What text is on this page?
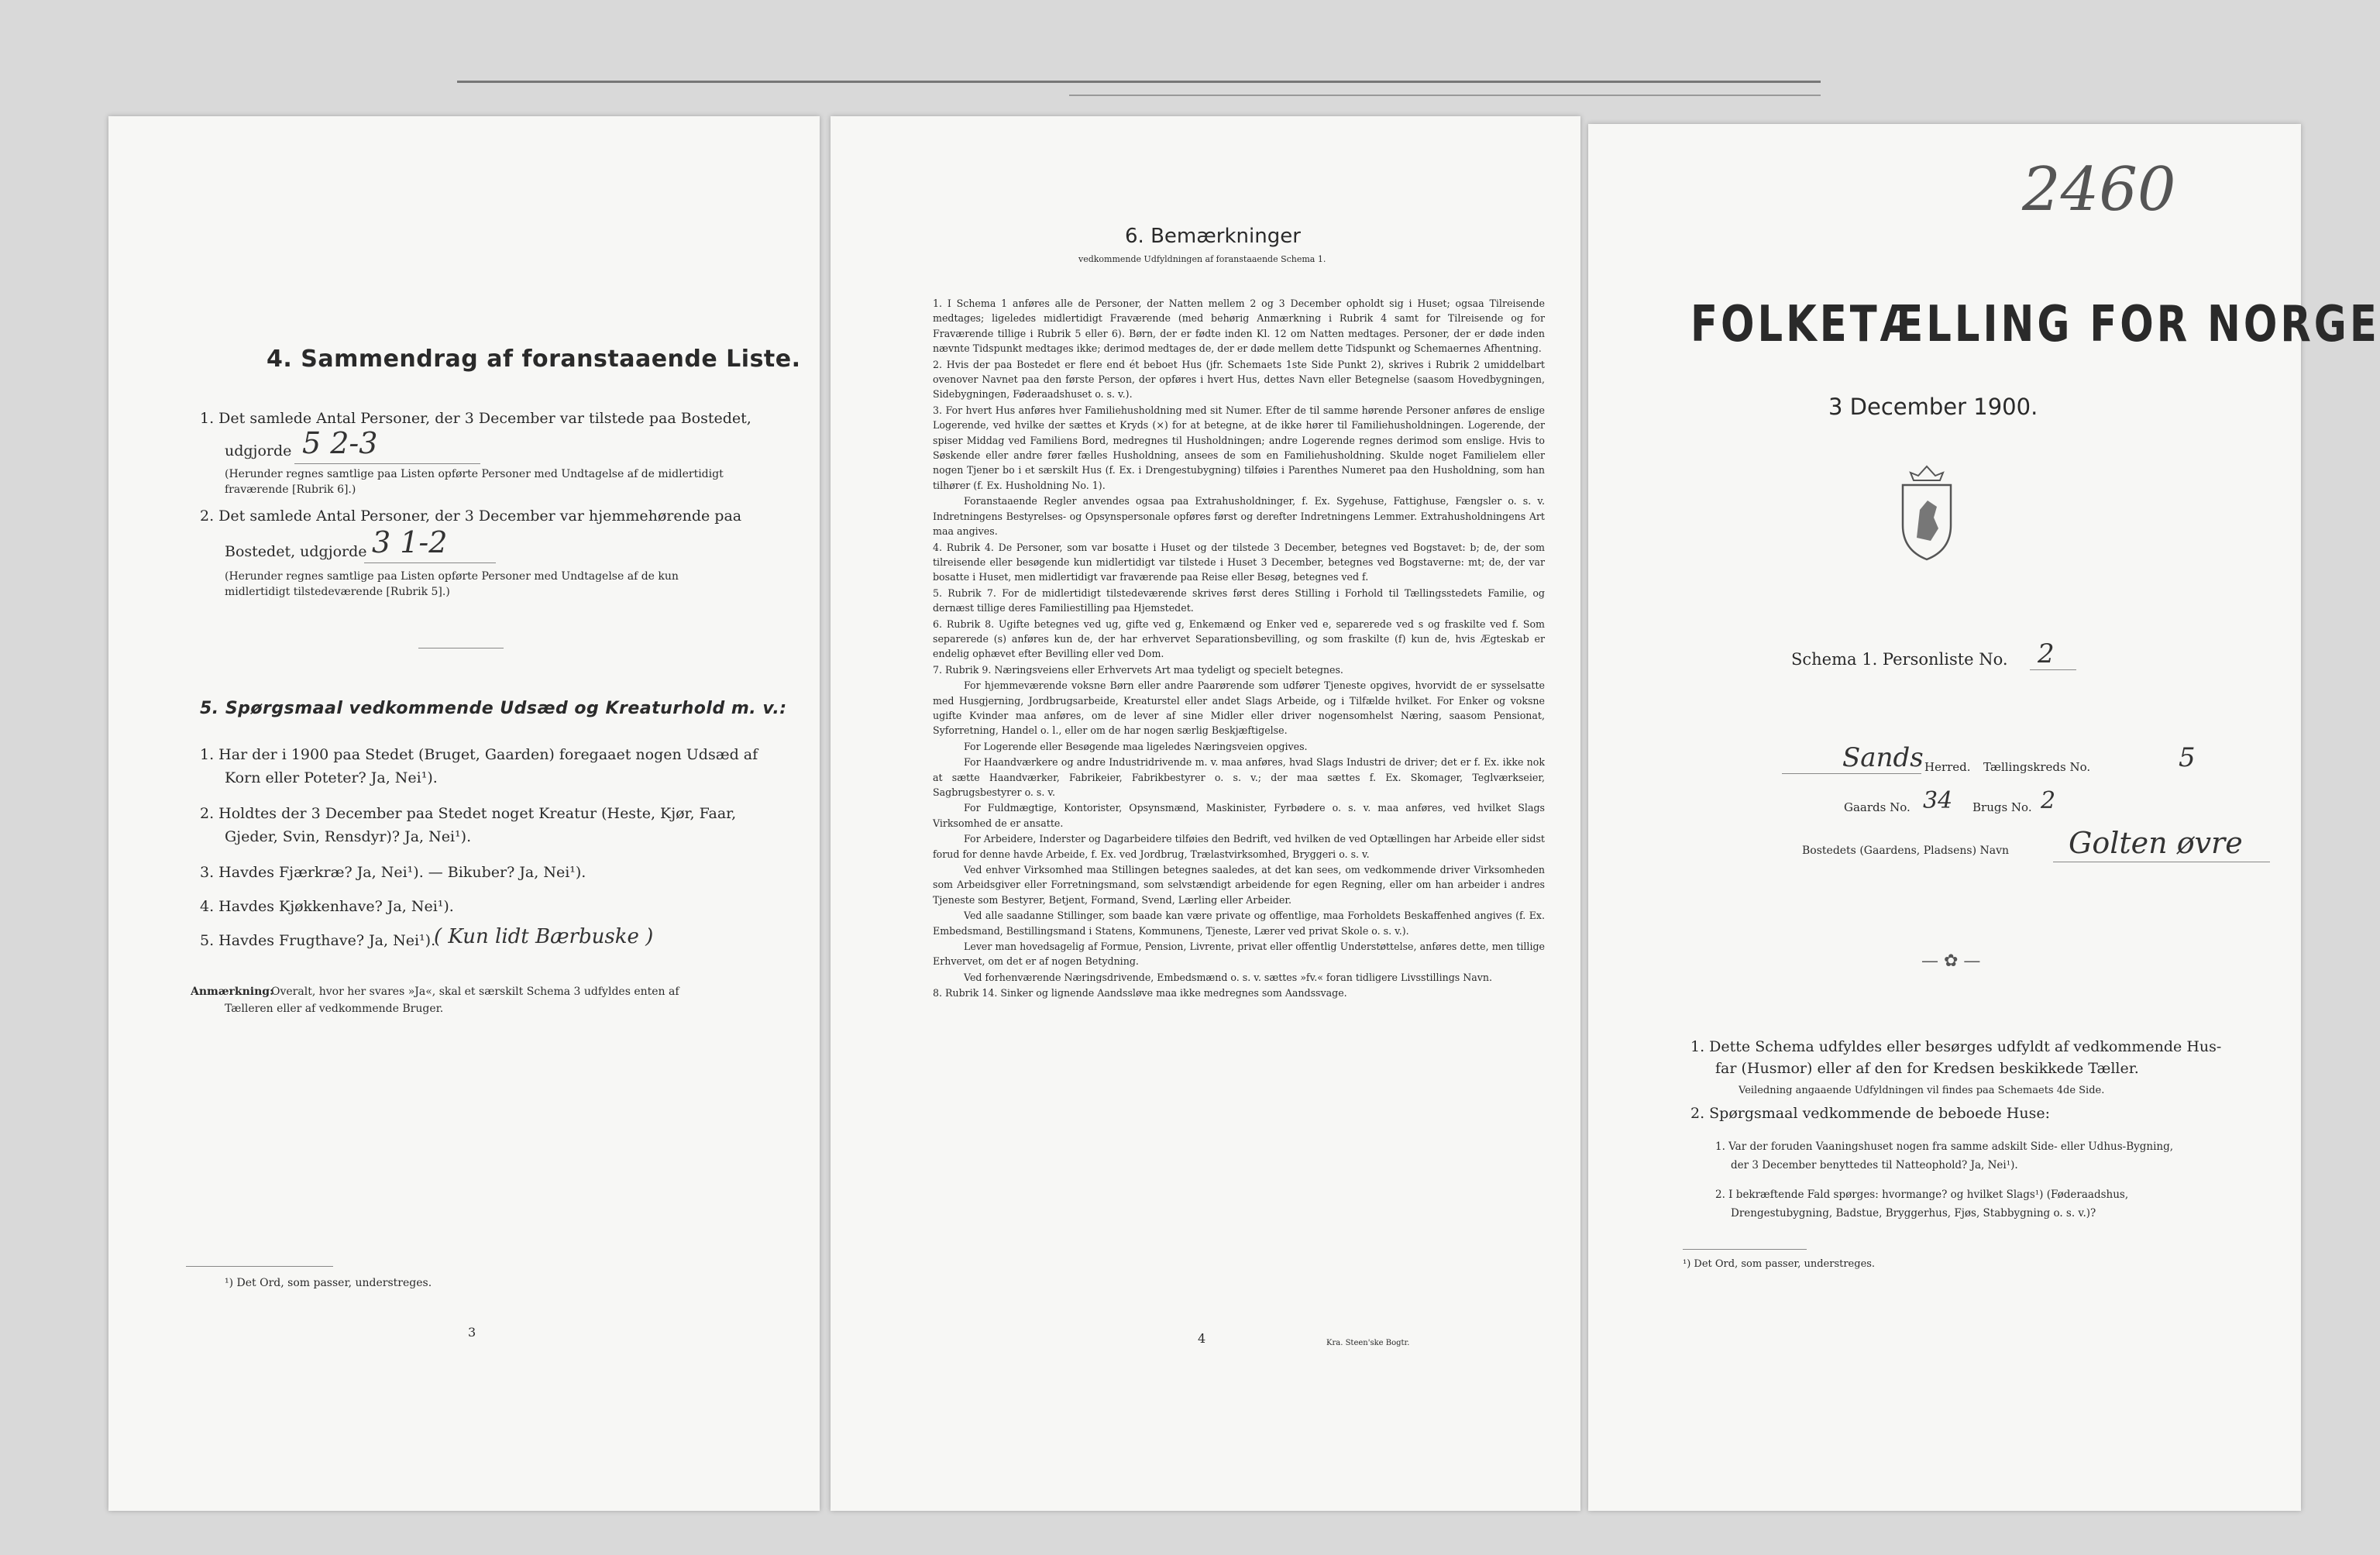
4. Sammendrag af foranstaaende Liste.
1. Det samlede Antal Personer, der 3 December var tilstede paa Bostedet,
udgjorde 5 2-3
(Herunder regnes samtlige paa Listen opførte Personer med Undtagelse af de midlertidigt
fraværende [Rubrik 6].)
2. Det samlede Antal Personer, der 3 December var hjemmehørende paa
Bostedet, udgjorde 3 1-2
(Herunder regnes samtlige paa Listen opførte Personer med Undtagelse af de kun
midlertidigt tilstedeværende [Rubrik 5].)
5. Spørgsmaal vedkommende Udsæd og Kreaturhold m. v.:
1. Har der i 1900 paa Stedet (Bruget, Gaarden) foregaaet nogen Udsæd af
Korn eller Poteter? Ja, Nei¹).
2. Holdtes der 3 December paa Stedet noget Kreatur (Heste, Kjør, Faar,
Gjeder, Svin, Rensdyr)? Ja, Nei¹).
3. Havdes Fjærkræ? Ja, Nei¹). — Bikuber? Ja, Nei¹).
4. Havdes Kjøkkenhave? Ja, Nei¹).
5. Havdes Frugthave? Ja, Nei¹).
( Kun lidt Bærbuske )
Anmærkning:
Overalt, hvor her svares »Ja«, skal et særskilt Schema 3 udfyldes enten af
Tælleren eller af vedkommende Bruger.
¹) Det Ord, som passer, understreges.
3
6. Bemærkninger
vedkommende Udfyldningen af foranstaaende Schema 1.
1. I Schema 1 anføres alle de Personer, der Natten mellem 2 og 3 December opholdt sig i Huset; ogsaa Tilreisende medtages; ligeledes midlertidigt Fraværende (med behørig Anmærkning i Rubrik 4 samt for Tilreisende og for Fraværende tillige i Rubrik 5 eller 6). Børn, der er fødte inden Kl. 12 om Natten medtages. Personer, der er døde inden nævnte Tidspunkt medtages ikke; derimod medtages de, der er døde mellem dette Tidspunkt og Schemaernes Afhentning.
2. Hvis der paa Bostedet er flere end ét beboet Hus (jfr. Schemaets 1ste Side Punkt 2), skrives i Rubrik 2 umiddelbart ovenover Navnet paa den første Person, der opføres i hvert Hus, dettes Navn eller Betegnelse (saasom Hovedbygningen, Sidebygningen, Føderaadshuset o. s. v.).
3. For hvert Hus anføres hver Familiehusholdning med sit Numer. Efter de til samme hørende Personer anføres de enslige Logerende, ved hvilke der sættes et Kryds (×) for at betegne, at de ikke hører til Familiehusholdningen. Logerende, der spiser Middag ved Familiens Bord, medregnes til Husholdningen; andre Logerende regnes derimod som enslige. Hvis to Søskende eller andre fører fælles Husholdning, ansees de som en Familiehusholdning. Skulde noget Familielem eller nogen Tjener bo i et særskilt Hus (f. Ex. i Drengestubygning) tilføies i Parenthes Numeret paa den Husholdning, som han tilhører (f. Ex. Husholdning No. 1).
Foranstaaende Regler anvendes ogsaa paa Extrahusholdninger, f. Ex. Sygehuse, Fattighuse, Fængsler o. s. v. Indretningens Bestyrelses- og Opsynspersonale opføres først og derefter Indretningens Lemmer. Extrahusholdningens Art maa angives.
4. Rubrik 4. De Personer, som var bosatte i Huset og der tilstede 3 December, betegnes ved Bogstavet: b; de, der som tilreisende eller besøgende kun midlertidigt var tilstede i Huset 3 December, betegnes ved Bogstaverne: mt; de, der var bosatte i Huset, men midlertidigt var fraværende paa Reise eller Besøg, betegnes ved f.
5. Rubrik 7. For de midlertidigt tilstedeværende skrives først deres Stilling i Forhold til Tællingsstedets Familie, og dernæst tillige deres Familiestilling paa Hjemstedet.
6. Rubrik 8. Ugifte betegnes ved ug, gifte ved g, Enkemænd og Enker ved e, separerede ved s og fraskilte ved f. Som separerede (s) anføres kun de, der har erhvervet Separationsbevilling, og som fraskilte (f) kun de, hvis Ægteskab er endelig ophævet efter Bevilling eller ved Dom.
7. Rubrik 9. Næringsveiens eller Erhvervets Art maa tydeligt og specielt betegnes.
For hjemmeværende voksne Børn eller andre Paarørende som udfører Tjeneste opgives, hvorvidt de er sysselsatte med Husgjerning, Jordbrugsarbeide, Kreaturstel eller andet Slags Arbeide, og i Tilfælde hvilket. For Enker og voksne ugifte Kvinder maa anføres, om de lever af sine Midler eller driver nogensomhelst Næring, saasom Pensionat, Syforretning, Handel o. l., eller om de har nogen særlig Beskjæftigelse.
For Logerende eller Besøgende maa ligeledes Næringsveien opgives.
For Haandværkere og andre Industridrivende m. v. maa anføres, hvad Slags Industri de driver; det er f. Ex. ikke nok at sætte Haandværker, Fabrikeier, Fabrikbestyrer o. s. v.; der maa sættes f. Ex. Skomager, Teglværkseier, Sagbrugsbestyrer o. s. v.
For Fuldmægtige, Kontorister, Opsynsmænd, Maskinister, Fyrbødere o. s. v. maa anføres, ved hvilket Slags Virksomhed de er ansatte.
For Arbeidere, Inderster og Dagarbeidere tilføies den Bedrift, ved hvilken de ved Optællingen har Arbeide eller sidst forud for denne havde Arbeide, f. Ex. ved Jordbrug, Trælastvirksomhed, Bryggeri o. s. v.
Ved enhver Virksomhed maa Stillingen betegnes saaledes, at det kan sees, om vedkommende driver Virksomheden som Arbeidsgiver eller Forretningsmand, som selvstændigt arbeidende for egen Regning, eller om han arbeider i andres Tjeneste som Bestyrer, Betjent, Formand, Svend, Lærling eller Arbeider.
Ved alle saadanne Stillinger, som baade kan være private og offentlige, maa Forholdets Beskaffenhed angives (f. Ex. Embedsmand, Bestillingsmand i Statens, Kommunens, Tjeneste, Lærer ved privat Skole o. s. v.).
Lever man hovedsagelig af Formue, Pension, Livrente, privat eller offentlig Understøttelse, anføres dette, men tillige Erhvervet, om det er af nogen Betydning.
Ved forhenværende Næringsdrivende, Embedsmænd o. s. v. sættes »fv.« foran tidligere Livsstillings Navn.
8. Rubrik 14. Sinker og lignende Aandssløve maa ikke medregnes som Aandssvage.
4	Kra. Steen'ske Bogtr.
2460
FOLKETÆLLING FOR NORGE
3 December 1900.
Schema 1. Personliste No. 2
Sands Herred. Tællingskreds No.	5
Gaards No. 34 Brugs No. 2
Bostedets (Gaardens, Pladsens) Navn Golten øvre
— ✿ —
1. Dette Schema udfyldes eller besørges udfyldt af vedkommende Hus-
far (Husmor) eller af den for Kredsen beskikkede Tæller.
Veiledning angaaende Udfyldningen vil findes paa Schemaets 4de Side.
2. Spørgsmaal vedkommende de beboede Huse:
1. Var der foruden Vaaningshuset nogen fra samme adskilt Side- eller Udhus-Bygning,
der 3 December benyttedes til Natteophold? Ja, Nei¹).
2. I bekræftende Fald spørges: hvormange? og hvilket Slags¹) (Føderaadshus,
Drengestubygning, Badstue, Bryggerhus, Fjøs, Stabbygning o. s. v.)?
¹) Det Ord, som passer, understreges.
